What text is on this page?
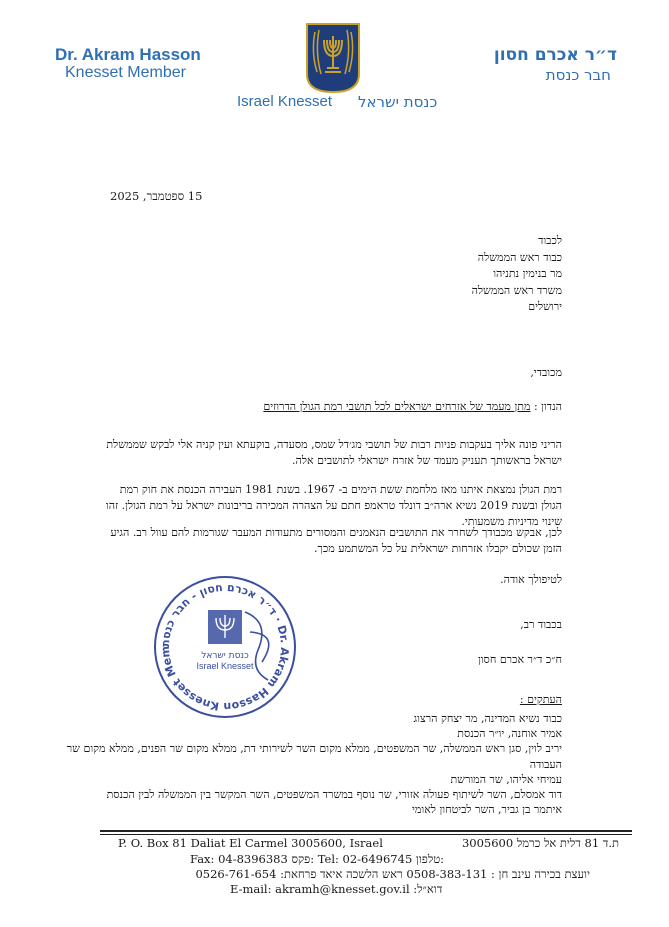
Dr. Akram Hasson
Knesset Member
ד״ר אכרם חסון
חבר כנסת
Israel Knesset כנסת ישראל
15 ספטמבר, 2025
לכבוד
כבוד ראש הממשלה
מר בנימין נתניהו
משרד ראש הממשלה
ירושלים
מכובדי,
הנדון : מתן מעמד של אזרחים ישראלים לכל תושבי רמת הגולן הדרוזים
הריני פונה אליך בעקבות פניות רבות של תושבי מג׳דל שמס, מסעדה, בוקעתא ועין קניה אלי לבקש שממשלת ישראל בראשותך תעניק מעמד של אזרח ישראלי לתושבים אלה.
רמת הגולן נמצאת איתנו מאז מלחמת ששת הימים ב- 1967. בשנת 1981 העבירה הכנסת את חוק רמת הגולן ובשנת 2019 נשיא ארה״ב דונלד טראמפ חתם על הצהרה המכירה בריבונות ישראל על רמת הגולן. זהו שינוי מדיניות משמעותי.
לכן, אבקש מכבודך לשחרר את התושבים הנאמנים והמסורים מתעודות המעבר שגורמות להם עוול רב. הגיע הזמן שכולם יקבלו אזרחות ישראלית על כל המשתמע מכך.
לטיפולך אודה.
בכבוד רב,
ח״כ ד״ר אכרם חסון
ד״ר אכרם חסון - חבר כנסת · Dr. Akram Hasson Knesset Mem	כנסת ישראל
Israel Knesset
העתקים :
כבוד נשיא המדינה, מר יצחק הרצוג
אמיר אוחנה, יו״ר הכנסת
יריב לוין, סגן ראש הממשלה, שר המשפטים, ממלא מקום השר לשירותי דת, ממלא מקום שר הפנים, ממלא מקום שר העבודה
עמיחי אליהו, שר המורשת
דוד אמסלם, השר לשיתוף פעולה אזורי, שר נוסף במשרד המשפטים, השר המקשר בין הממשלה לבין הכנסת
איתמר בן גביר, השר לביטחון לאומי
P. O. Box 81 Daliat El Carmel 3005600, Israel	ת.ד 81 דלית אל כרמל 3005600
Fax: 04-8396383 פקס: Tel: 02-6496745 טלפון:
יועצת בכירה עינב חן : 0508-383-131 ראש הלשכה איאד פרחאת: 0526-761-654
E-mail: akramh@knesset.gov.il :דוא״ל
